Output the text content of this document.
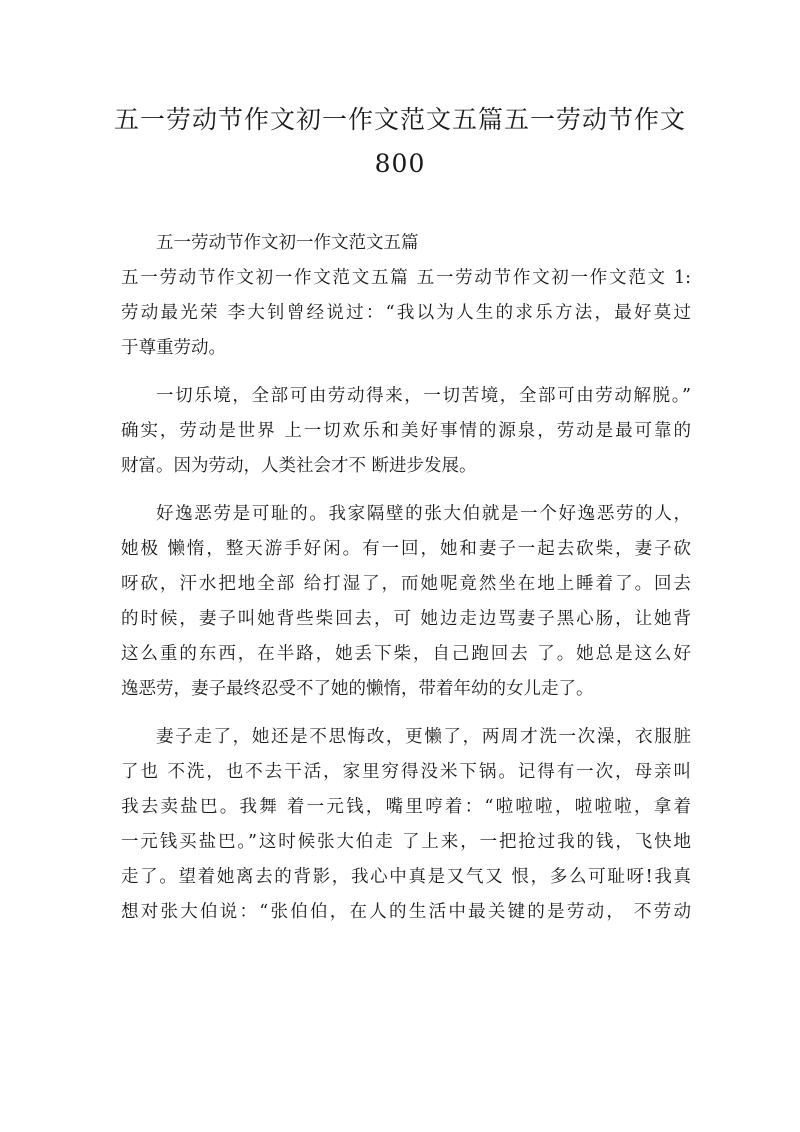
五一劳动节作文初一作文范文五篇五一劳动节作文
800
五一劳动节作文初一作文范文五篇
五一劳动节作文初一作文范文五篇 五一劳动节作文初一作文范文 1:
劳动最光荣 李大钊曾经说过：“我以为人生的求乐方法，最好莫过
于尊重劳动。
一切乐境，全部可由劳动得来，一切苦境，全部可由劳动解脱。”
确实，劳动是世界 上一切欢乐和美好事情的源泉，劳动是最可靠的
财富。因为劳动，人类社会才不 断进步发展。
好逸恶劳是可耻的。我家隔壁的张大伯就是一个好逸恶劳的人，
她极 懒惰，整天游手好闲。有一回，她和妻子一起去砍柴，妻子砍
呀砍，汗水把地全部 给打湿了，而她呢竟然坐在地上睡着了。回去
的时候，妻子叫她背些柴回去，可 她边走边骂妻子黑心肠，让她背
这么重的东西，在半路，她丢下柴，自己跑回去 了。她总是这么好
逸恶劳，妻子最终忍受不了她的懒惰，带着年幼的女儿走了。
妻子走了，她还是不思悔改，更懒了，两周才洗一次澡，衣服脏
了也 不洗，也不去干活，家里穷得没米下锅。记得有一次，母亲叫
我去卖盐巴。我舞 着一元钱，嘴里哼着：“啦啦啦，啦啦啦，拿着
一元钱买盐巴。”这时候张大伯走 了上来，一把抢过我的钱，飞快地
走了。望着她离去的背影，我心中真是又气又 恨，多么可耻呀!我真
想对张大伯说：“张伯伯，在人的生活中最关键的是劳动， 不劳动
